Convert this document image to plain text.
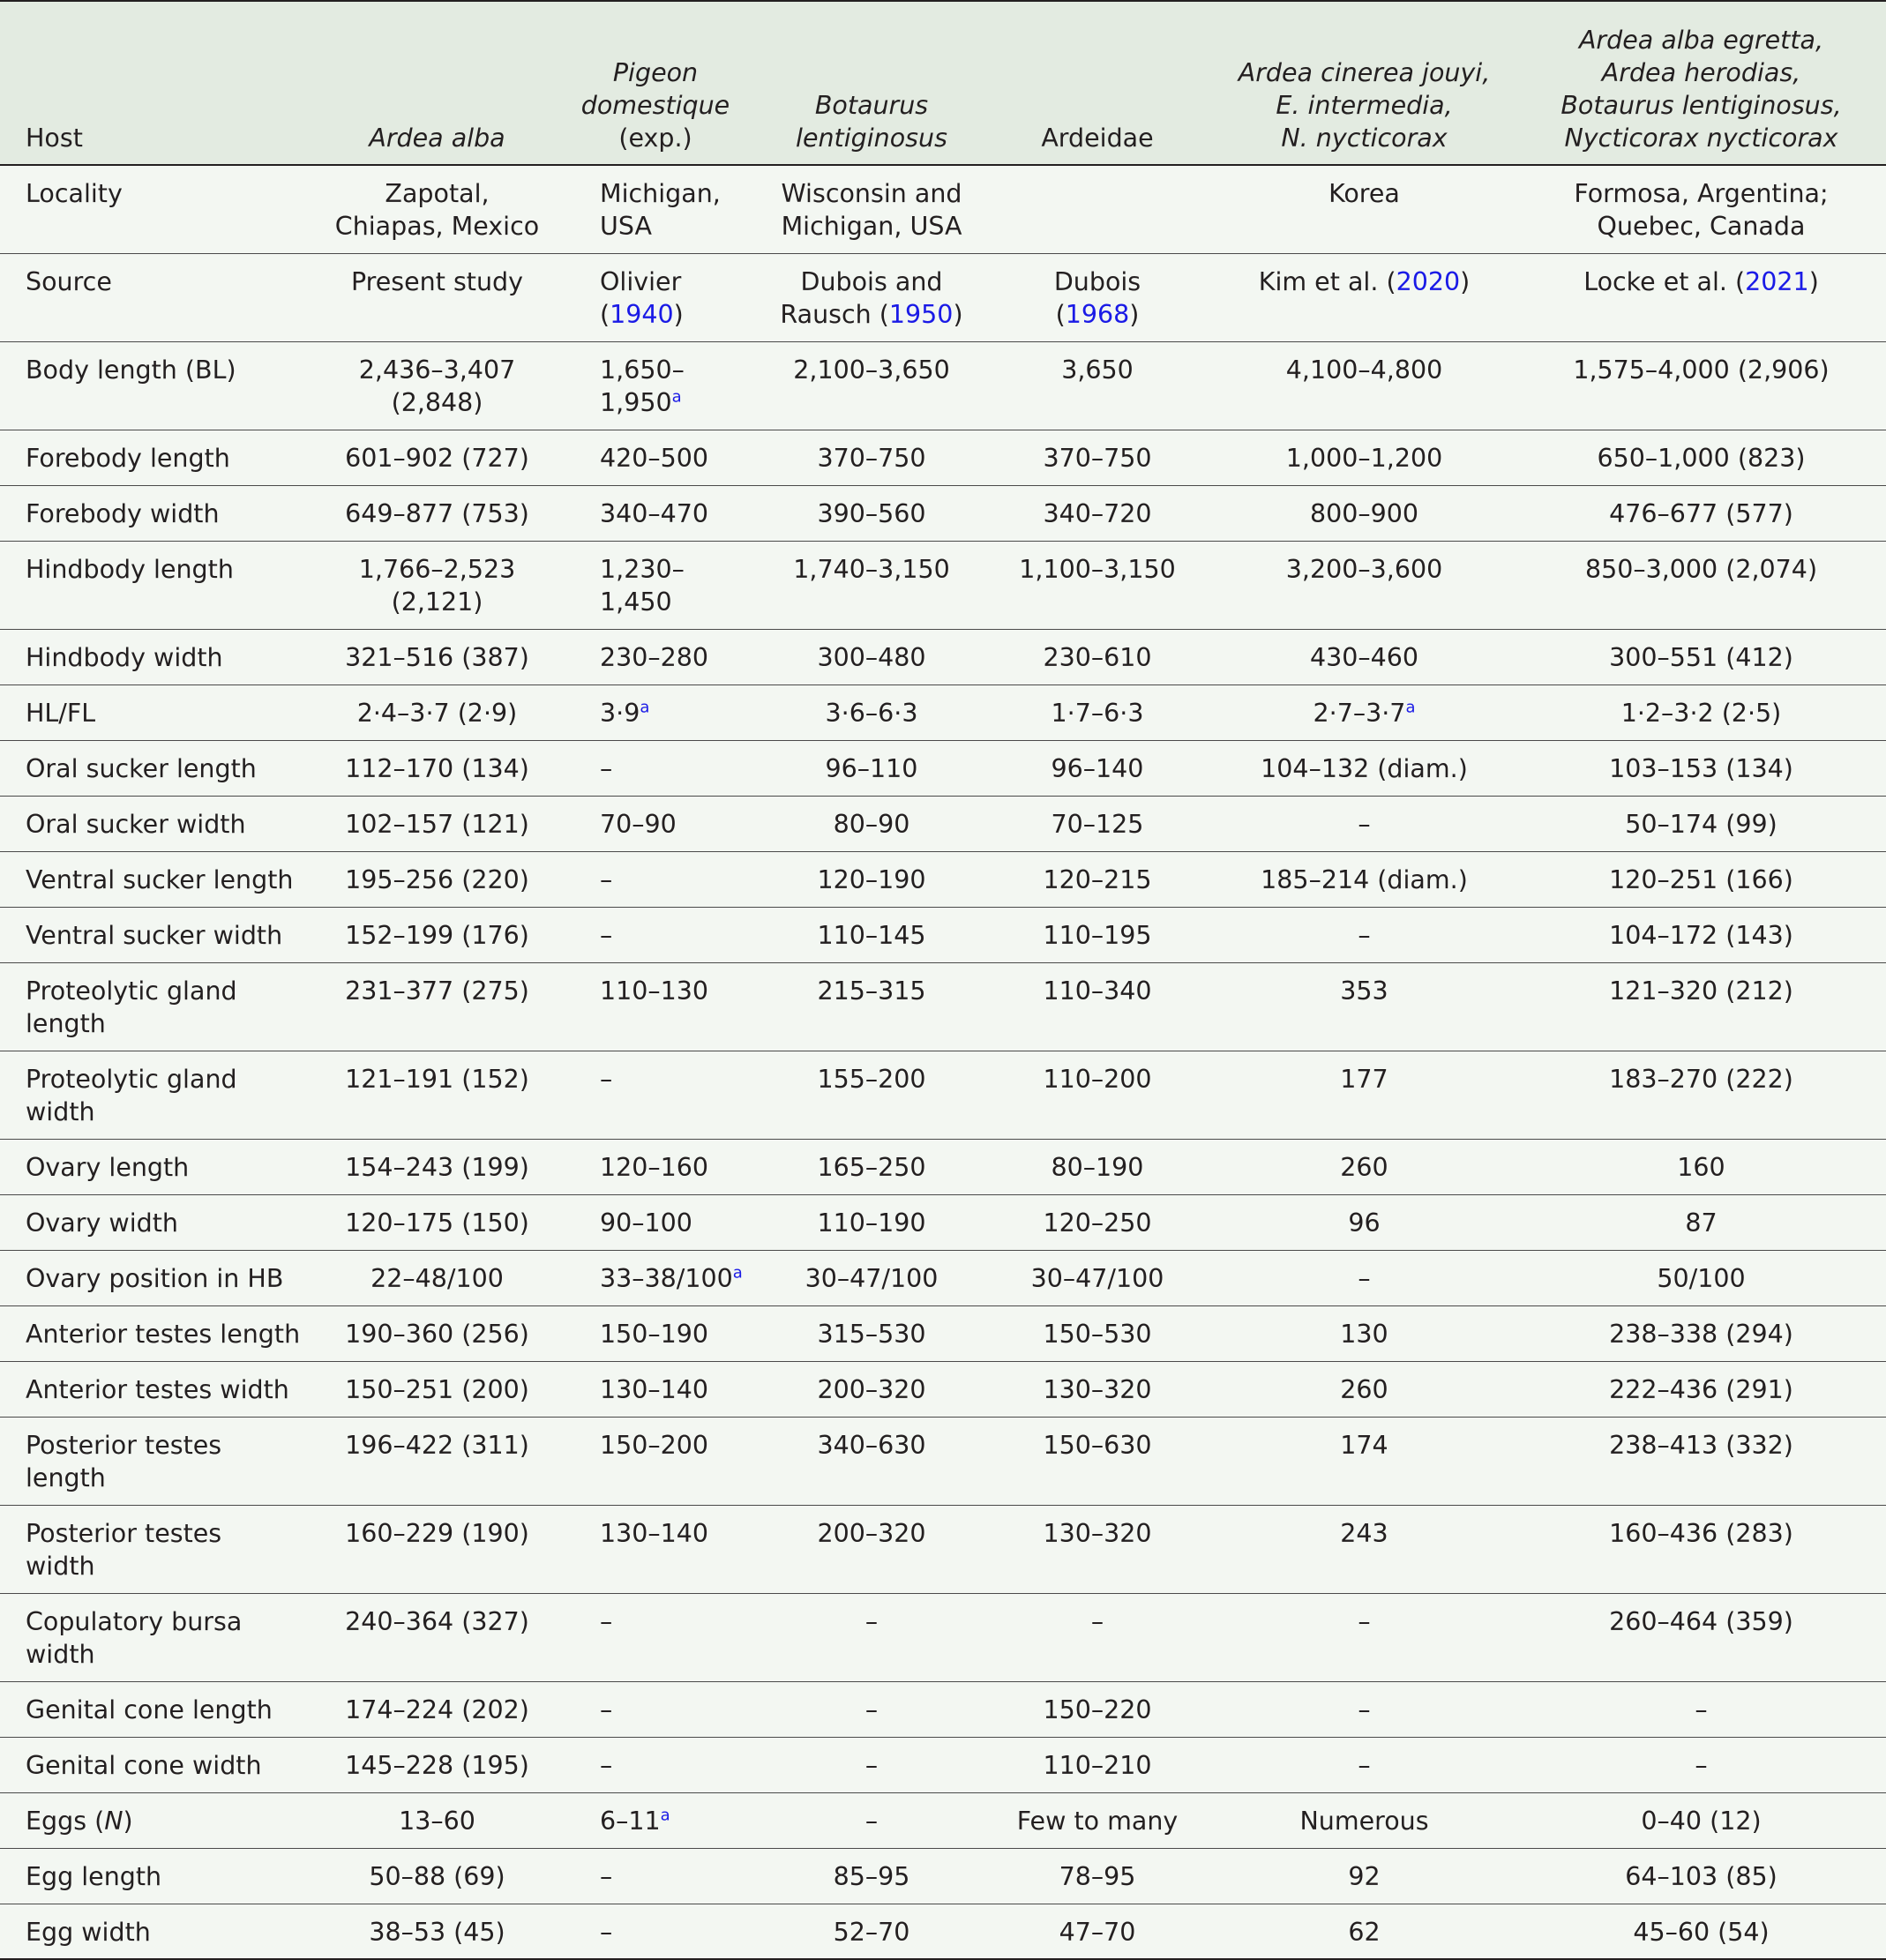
Host	Ardea alba	Pigeon
domestique
(exp.)	Botaurus
lentiginosus	Ardeidae	Ardea cinerea jouyi,
E. intermedia,
N. nycticorax	Ardea alba egretta,
Ardea herodias,
Botaurus lentiginosus,
Nycticorax nycticorax

Locality	Zapotal,
Chiapas, Mexico	Michigan,
USA	Wisconsin and
Michigan, USA		Korea	Formosa, Argentina;
Quebec, Canada

Source	Present study	Olivier
(1940)	Dubois and
Rausch (1950)	Dubois
(1968)	Kim et al. (2020)	Locke et al. (2021)
Body length (BL)	2,436–3,407
(2,848)	1,650–1,950$^a$	2,100–3,650	3,650	4,100–4,800	1,575–4,000 (2,906)
Forebody length	601–902 (727)	420–500	370–750	370–750	1,000–1,200	650–1,000 (823)
Forebody width	649–877 (753)	340–470	390–560	340–720	800–900	476–677 (577)
Hindbody length	1,766–2,523
(2,121)	1,230–1,450	1,740–3,150	1,100–3,150	3,200–3,600	850–3,000 (2,074)
Hindbody width	321–516 (387)	230–280	300–480	230–610	430–460	300–551 (412)
HL/FL	2·4–3·7 (2·9)	3·9$^a$	3·6–6·3	1·7–6·3	2·7–3·7$^a$	1·2–3·2 (2·5)
Oral sucker length	112–170 (134)	–	96–110	96–140	104–132 (diam.)	103–153 (134)
Oral sucker width	102–157 (121)	70–90	80–90	70–125	–	50–174 (99)
Ventral sucker length	195–256 (220)	–	120–190	120–215	185–214 (diam.)	120–251 (166)
Ventral sucker width	152–199 (176)	–	110–145	110–195	–	104–172 (143)

Proteolytic gland
length	231–377 (275)	110–130	215–315	110–340	353	121–320 (212)

Proteolytic gland
width	121–191 (152)	–	155–200	110–200	177	183–270 (222)
Ovary length	154–243 (199)	120–160	165–250	80–190	260	160
Ovary width	120–175 (150)	90–100	110–190	120–250	96	87
Ovary position in HB	22–48/100	33–38/100$^a$	30–47/100	30–47/100	–	50/100
Anterior testes length	190–360 (256)	150–190	315–530	150–530	130	238–338 (294)
Anterior testes width	150–251 (200)	130–140	200–320	130–320	260	222–436 (291)

Posterior testes
length	196–422 (311)	150–200	340–630	150–630	174	238–413 (332)

Posterior testes
width	160–229 (190)	130–140	200–320	130–320	243	160–436 (283)

Copulatory bursa
width	240–364 (327)	–	–	–	–	260–464 (359)
Genital cone length	174–224 (202)	–	–	150–220	–	–
Genital cone width	145–228 (195)	–	–	110–210	–	–
Eggs (N)	13–60	6–11$^a$	–	Few to many	Numerous	0–40 (12)
Egg length	50–88 (69)	–	85–95	78–95	92	64–103 (85)
Egg width	38–53 (45)	–	52–70	47–70	62	45–60 (54)
